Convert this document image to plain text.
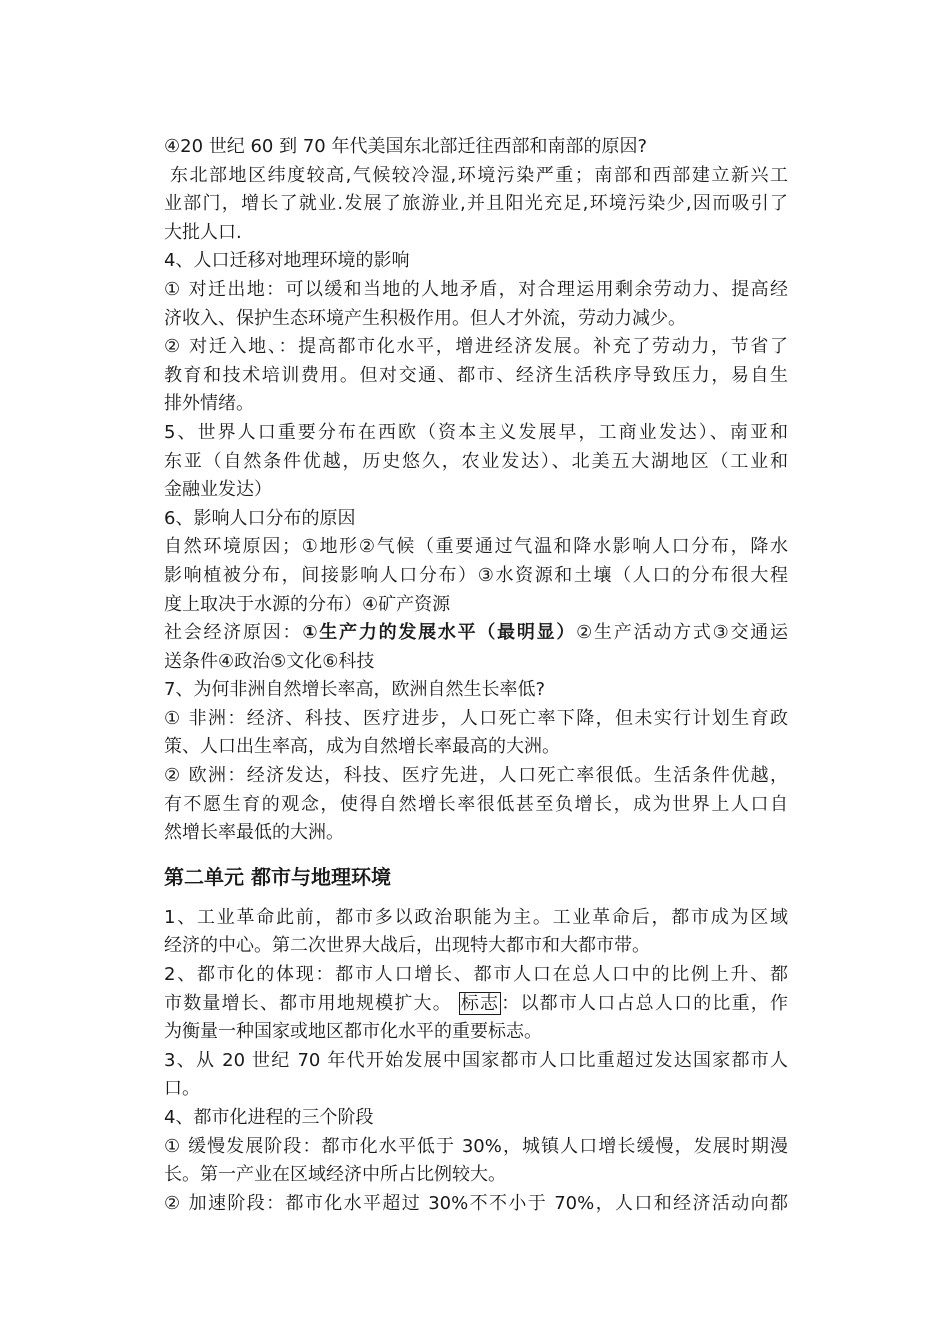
④20 世纪 60 到 70 年代美国东北部迁往西部和南部的原因?
东北部地区纬度较高,气候较冷湿,环境污染严重；南部和西部建立新兴工
业部门，增长了就业.发展了旅游业,并且阳光充足,环境污染少,因而吸引了
大批人口.
4、人口迁移对地理环境的影响
① 对迁出地：可以缓和当地的人地矛盾，对合理运用剩余劳动力、提高经
济收入、保护生态环境产生积极作用。但人才外流，劳动力减少。
② 对迁入地、：提高都市化水平，增进经济发展。补充了劳动力，节省了
教育和技术培训费用。但对交通、都市、经济生活秩序导致压力，易自生
排外情绪。
5、世界人口重要分布在西欧（资本主义发展早，工商业发达）、南亚和
东亚（自然条件优越，历史悠久，农业发达）、北美五大湖地区（工业和
金融业发达）
6、影响人口分布的原因
自然环境原因；①地形②气候（重要通过气温和降水影响人口分布，降水
影响植被分布，间接影响人口分布）③水资源和土壤（人口的分布很大程
度上取决于水源的分布）④矿产资源
社会经济原因：①生产力的发展水平（最明显）②生产活动方式③交通运
送条件④政治⑤文化⑥科技
7、为何非洲自然增长率高，欧洲自然生长率低?
① 非洲：经济、科技、医疗进步，人口死亡率下降，但未实行计划生育政
策、人口出生率高，成为自然增长率最高的大洲。
② 欧洲：经济发达，科技、医疗先进，人口死亡率很低。生活条件优越，
有不愿生育的观念，使得自然增长率很低甚至负增长，成为世界上人口自
然增长率最低的大洲。
第二单元 都市与地理环境
1、工业革命此前，都市多以政治职能为主。工业革命后，都市成为区域
经济的中心。第二次世界大战后，出现特大都市和大都市带。
2、都市化的体现：都市人口增长、都市人口在总人口中的比例上升、都
市数量增长、都市用地规模扩大。 标志 ：以都市人口占总人口的比重，作
为衡量一种国家或地区都市化水平的重要标志。
3、从 20 世纪 70 年代开始发展中国家都市人口比重超过发达国家都市人
口。
4、都市化进程的三个阶段
① 缓慢发展阶段：都市化水平低于 30%，城镇人口增长缓慢，发展时期漫
长。第一产业在区域经济中所占比例较大。
② 加速阶段：都市化水平超过 30%不不小于 70%，人口和经济活动向都
